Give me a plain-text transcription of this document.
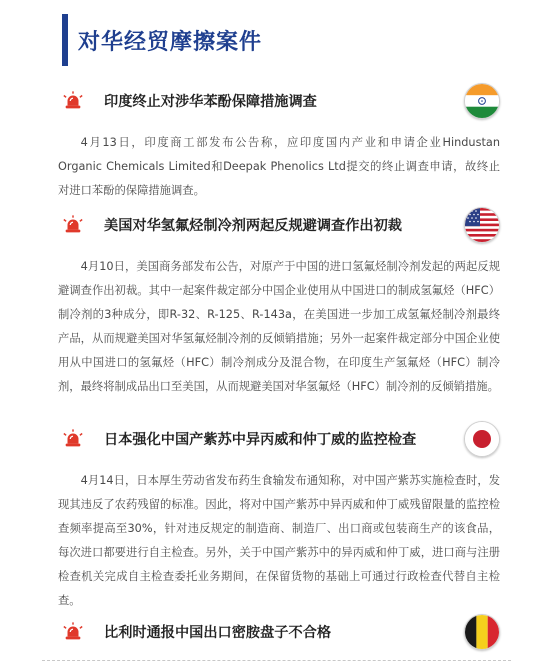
对华经贸摩擦案件
印度终止对涉华苯酚保障措施调查
4月13日，印度商工部发布公告称，应印度国内产业和申请企业Hindustan Organic Chemicals Limited和Deepak Phenolics Ltd提交的终止调查申请，故终止对进口苯酚的保障措施调查。
美国对华氢氟烃制冷剂两起反规避调查作出初裁
4月10日，美国商务部发布公告，对原产于中国的进口氢氟烃制冷剂发起的两起反规避调查作出初裁。其中一起案件裁定部分中国企业使用从中国进口的制成氢氟烃（HFC）制冷剂的3种成分，即R-32、R-125、R-143a，在美国进一步加工成氢氟烃制冷剂最终产品，从而规避美国对华氢氟烃制冷剂的反倾销措施；另外一起案件裁定部分中国企业使用从中国进口的氢氟烃（HFC）制冷剂成分及混合物，在印度生产氢氟烃（HFC）制冷剂，最终将制成品出口至美国，从而规避美国对华氢氟烃（HFC）制冷剂的反倾销措施。
日本强化中国产紫苏中异丙威和仲丁威的监控检查
4月14日，日本厚生劳动省发布药生食输发布通知称，对中国产紫苏实施检查时，发现其违反了农药残留的标准。因此，将对中国产紫苏中异丙威和仲丁威残留限量的监控检查频率提高至30%，针对违反规定的制造商、制造厂、出口商或包装商生产的该食品，每次进口都要进行自主检查。另外，关于中国产紫苏中的异丙威和仲丁威，进口商与注册检查机关完成自主检查委托业务期间，在保留货物的基础上可通过行政检查代替自主检查。
比利时通报中国出口密胺盘子不合格
